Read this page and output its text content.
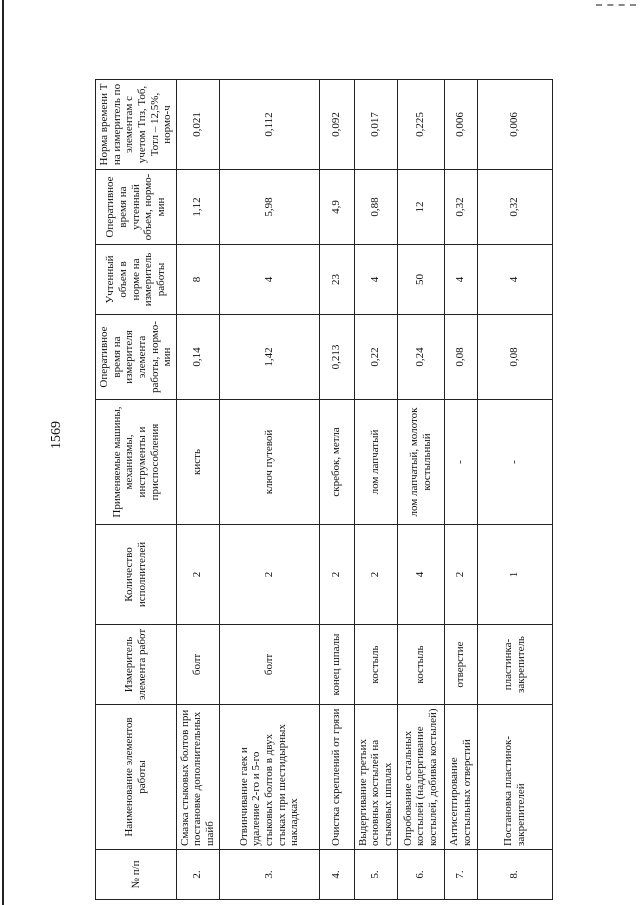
1569
№ п/п	Наименование элементов работы	Измеритель элемента работ	Количество исполнителей	Применяемые машины, механизмы, инструменты и приспособления	Оперативное время на измерителя элемента работы, нормо-мин	Учтенный объем в норме на измеритель работы	Оперативное время на учтенный объем, нормо-мин	Норма времени Т на измеритель по элементам с учетом Тпз, Тоб, Тотл – 12,5%, нормо-ч
2.	Смазка стыковых болтов при постановке дополнительных шайб	болт	2	кисть	0,14	8	1,12	0,021
3.	Отвинчивание гаек и удаление 2-го и 5-го стыковых болтов в двух стыках при шестидырных накладках	болт	2	ключ путевой	1,42	4	5,98	0,112
4.	Очистка скреплений от грязи	конец шпалы	2	скребок, метла	0,213	23	4,9	0,092
5.	Выдергивание третьих основных костылей на стыковых шпалах	костыль	2	лом лапчатый	0,22	4	0,88	0,017
6.	Опробование остальных костылей (наддергивание костылей, добивка костылей)	костыль	4	лом лапчатый, молоток костыльный	0,24	50	12	0,225
7.	Антисептирование костыльных отверстий	отверстие	2	-	0,08	4	0,32	0,006
8.	Постановка пластинок-закрепителей	пластинка-закрепитель	1	-	0,08	4	0,32	0,006
